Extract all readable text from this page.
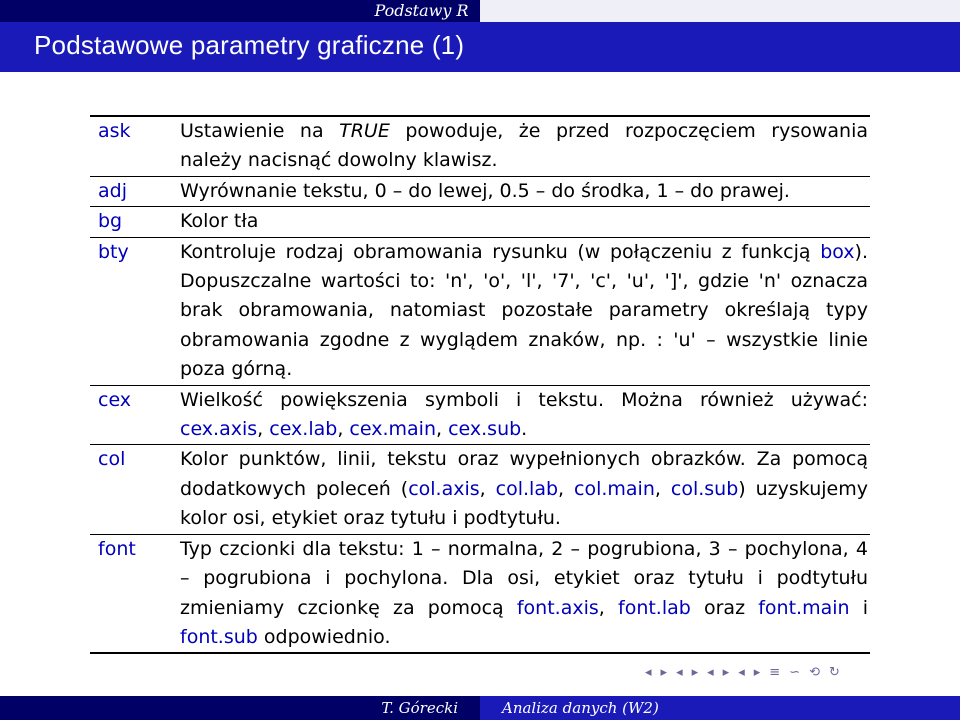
Podstawy R
Podstawowe parametry graficzne (1)
ask	Ustawienie na TRUE powoduje, że przed rozpoczęciem rysowania należy nacisnąć dowolny klawisz.
adj	Wyrównanie tekstu, 0 – do lewej, 0.5 – do środka, 1 – do prawej.
bg	Kolor tła
bty	Kontroluje rodzaj obramowania rysunku (w połączeniu z funkcją box). Dopuszczalne wartości to: 'n', 'o', 'l', '7', 'c', 'u', ']', gdzie 'n' oznacza brak obramowania, natomiast pozostałe parametry określają typy obramowania zgodne z wyglądem znaków, np. : 'u' – wszystkie linie poza górną.
cex	Wielkość powiększenia symboli i tekstu. Można również używać: cex.axis, cex.lab, cex.main, cex.sub.
col	Kolor punktów, linii, tekstu oraz wypełnionych obrazków. Za pomocą dodatkowych poleceń (col.axis, col.lab, col.main, col.sub) uzyskujemy kolor osi, etykiet oraz tytułu i podtytułu.
font	Typ czcionki dla tekstu: 1 – normalna, 2 – pogrubiona, 3 – pochylona, 4 – pogrubiona i pochylona. Dla osi, etykiet oraz tytułu i podtytułu zmieniamy czcionkę za pomocą font.axis, font.lab oraz font.main i font.sub odpowiednio.
◂ ▸ ◂ ▸ ◂ ▸ ◂ ▸ ≡ ∽ ⟲ ↻
T. Górecki	Analiza danych (W2)
